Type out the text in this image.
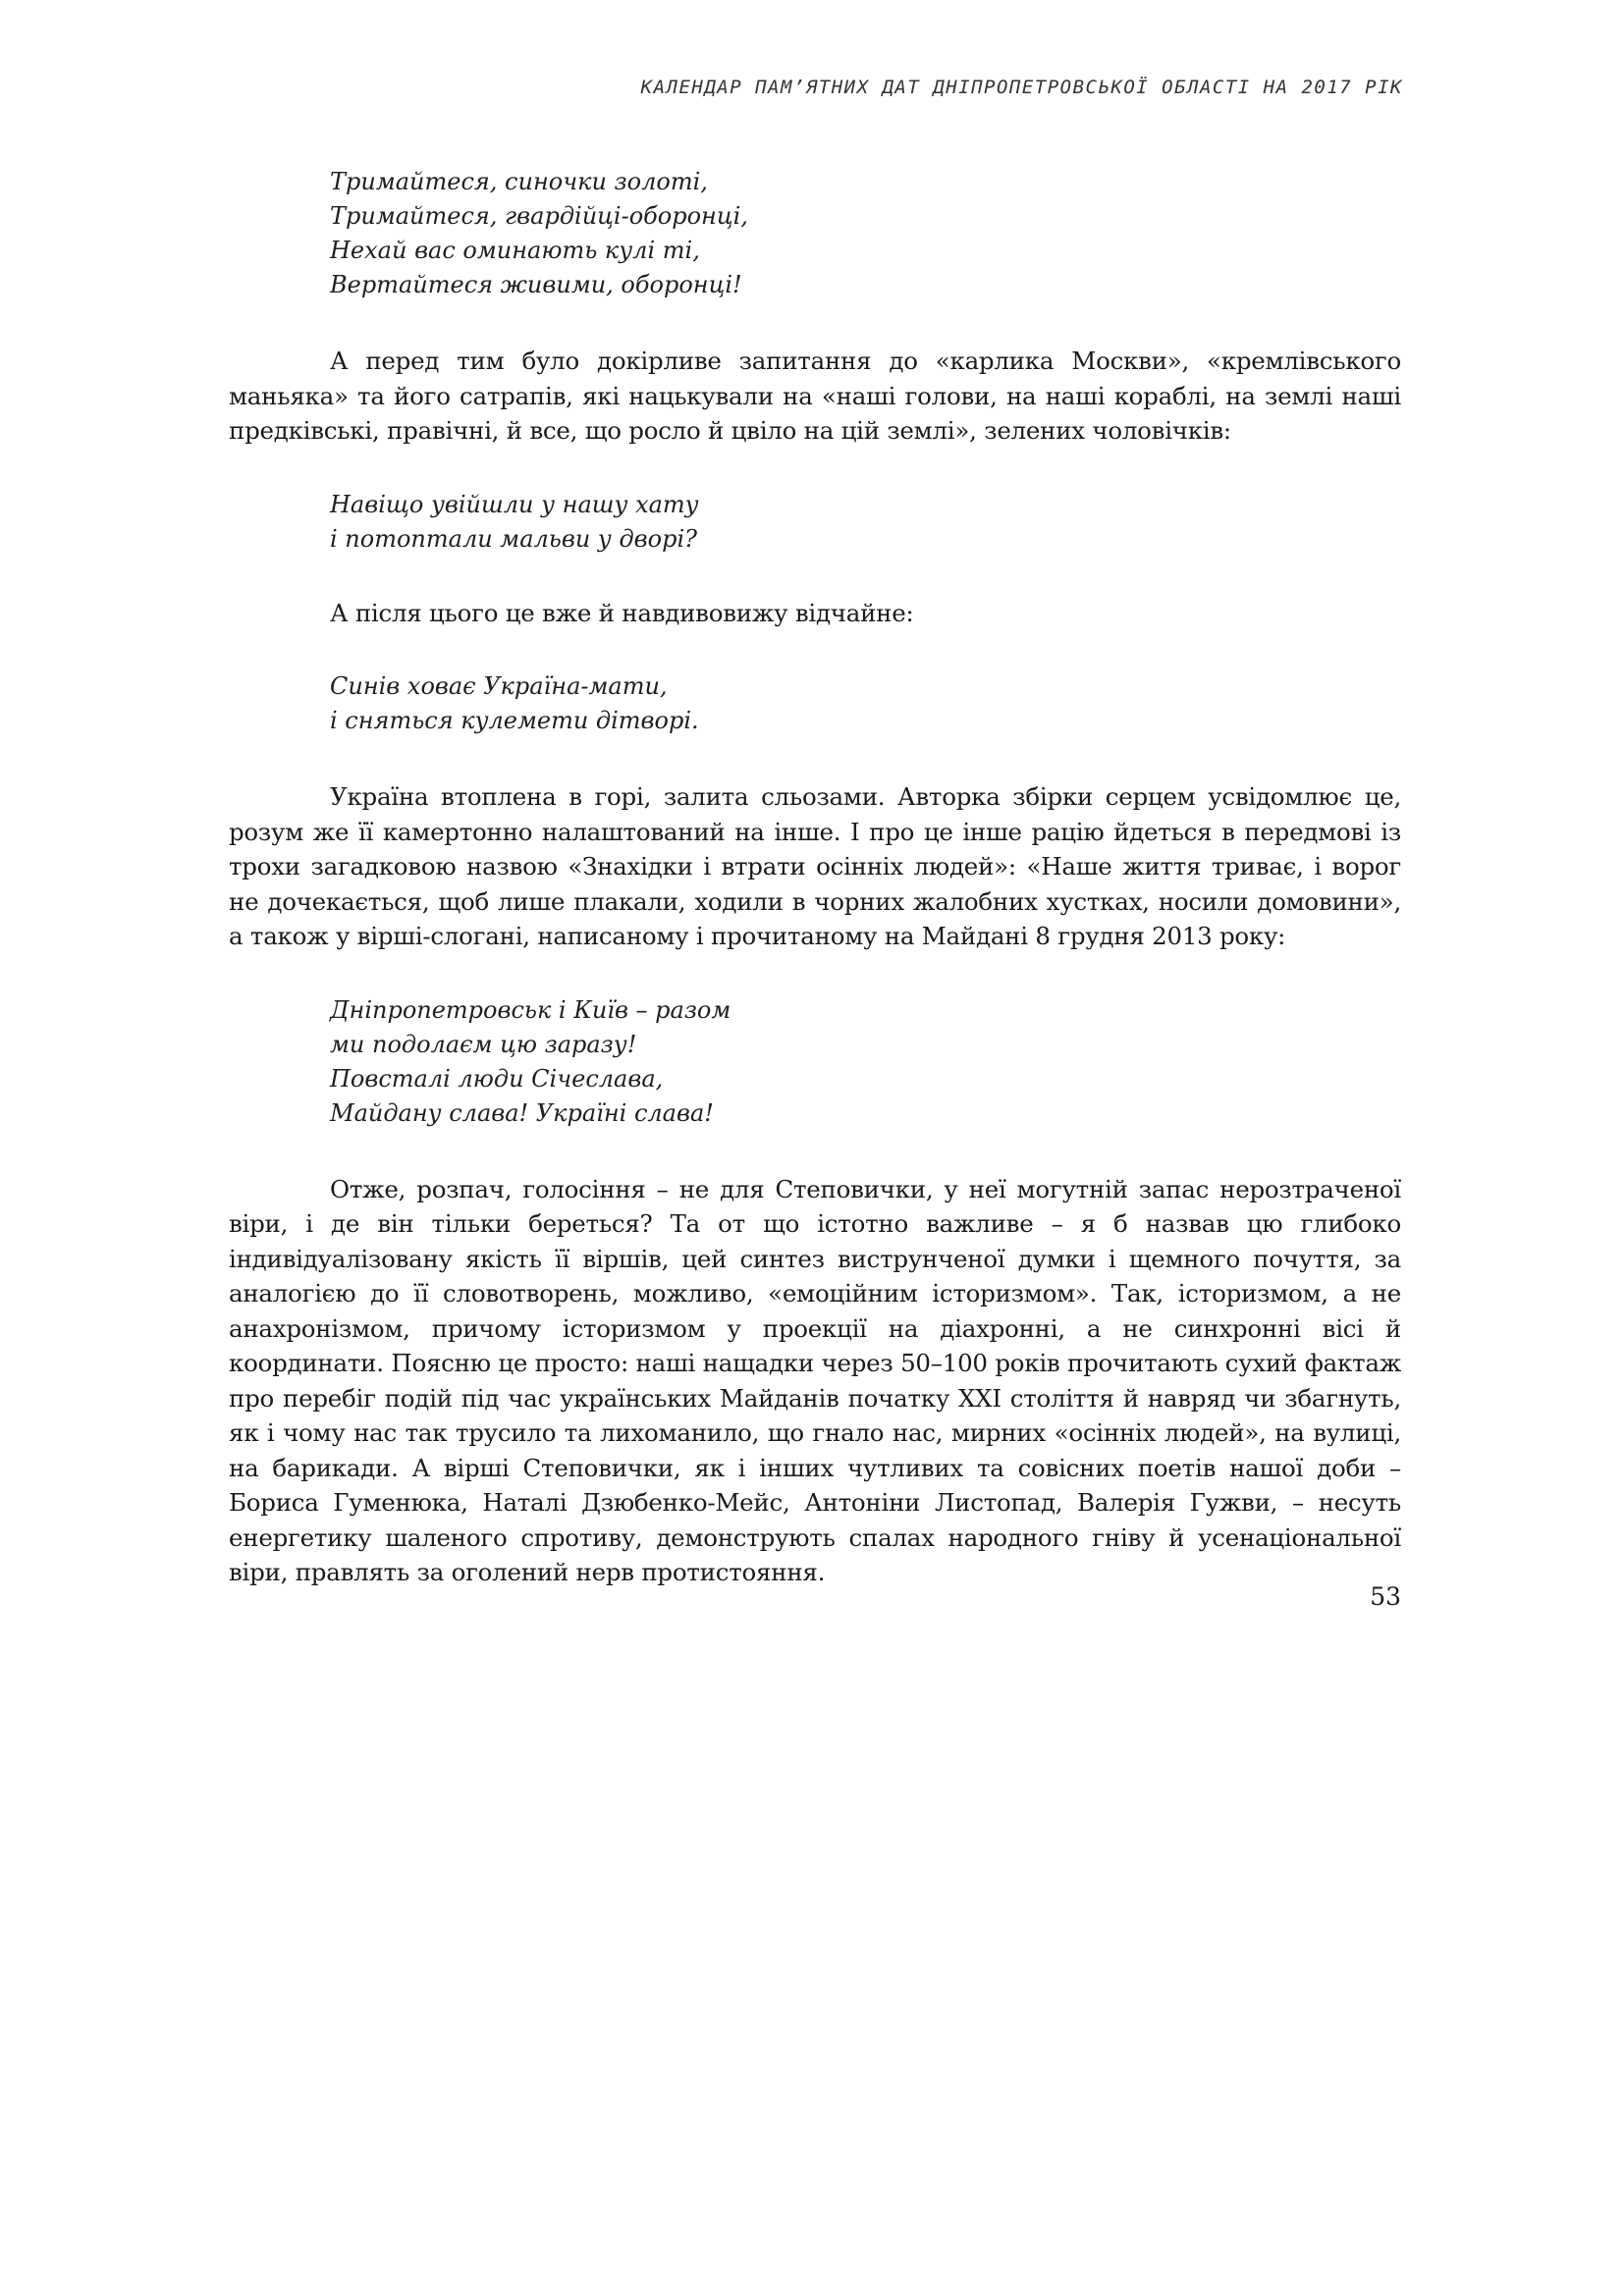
КАЛЕНДАР ПАМ’ЯТНИХ ДАТ ДНІПРОПЕТРОВСЬКОЇ ОБЛАСТІ НА 2017 РІК
Тримайтеся, синочки золоті,
Тримайтеся, гвардійці-оборонці,
Нехай вас оминають кулі ті,
Вертайтеся живими, оборонці!

А перед тим було докірливе запитання до «карлика Москви», «кремлівського маньяка» та його сатрапів, які нацькували на «наші голови, на наші кораблі, на землі наші предківські, правічні, й все, що росло й цвіло на цій землі», зелених чоловічків:

Навіщо увійшли у нашу хату
і потоптали мальви у дворі?

А після цього це вже й навдивовижу відчайне:

Синів ховає Україна-мати,
і сняться кулемети дітворі.

Україна втоплена в горі, залита сльозами. Авторка збірки серцем усвідомлює це, розум же її камертонно налаштований на інше. І про це інше рацію йдеться в передмові із трохи загадковою назвою «Знахідки і втрати осінніх людей»: «Наше життя триває, і ворог не дочекається, щоб лише плакали, ходили в чорних жалобних хустках, носили домовини», а також у вірші-слогані, написаному і прочитаному на Майдані 8 грудня 2013 року:

Дніпропетровськ і Київ – разом
ми подолаєм цю заразу!
Повсталі люди Січеслава,
Майдану слава! Україні слава!

Отже, розпач, голосіння – не для Степовички, у неї могутній запас нерозтраченої віри, і де він тільки береться? Та от що істотно важливе – я б назвав цю глибоко індивідуалізовану якість її віршів, цей синтез виструнченої думки і щемного почуття, за аналогією до її словотворень, можливо, «емоційним історизмом». Так, історизмом, а не анахронізмом, причому історизмом у проекції на діахронні, а не синхронні вісі й координати. Поясню це просто: наші нащадки через 50–100 років прочитають сухий фактаж про перебіг подій під час українських Майданів початку XXI століття й навряд чи збагнуть, як і чому нас так трусило та лихоманило, що гнало нас, мирних «осінніх людей», на вулиці, на барикади. А вірші Степовички, як і інших чутливих та совісних поетів нашої доби – Бориса Гуменюка, Наталі Дзюбенко-Мейс, Антоніни Листопад, Валерія Гужви, – несуть енергетику шаленого спротиву, демонструють спалах народного гніву й усенаціональної віри, правлять за оголений нерв протистояння.

53
